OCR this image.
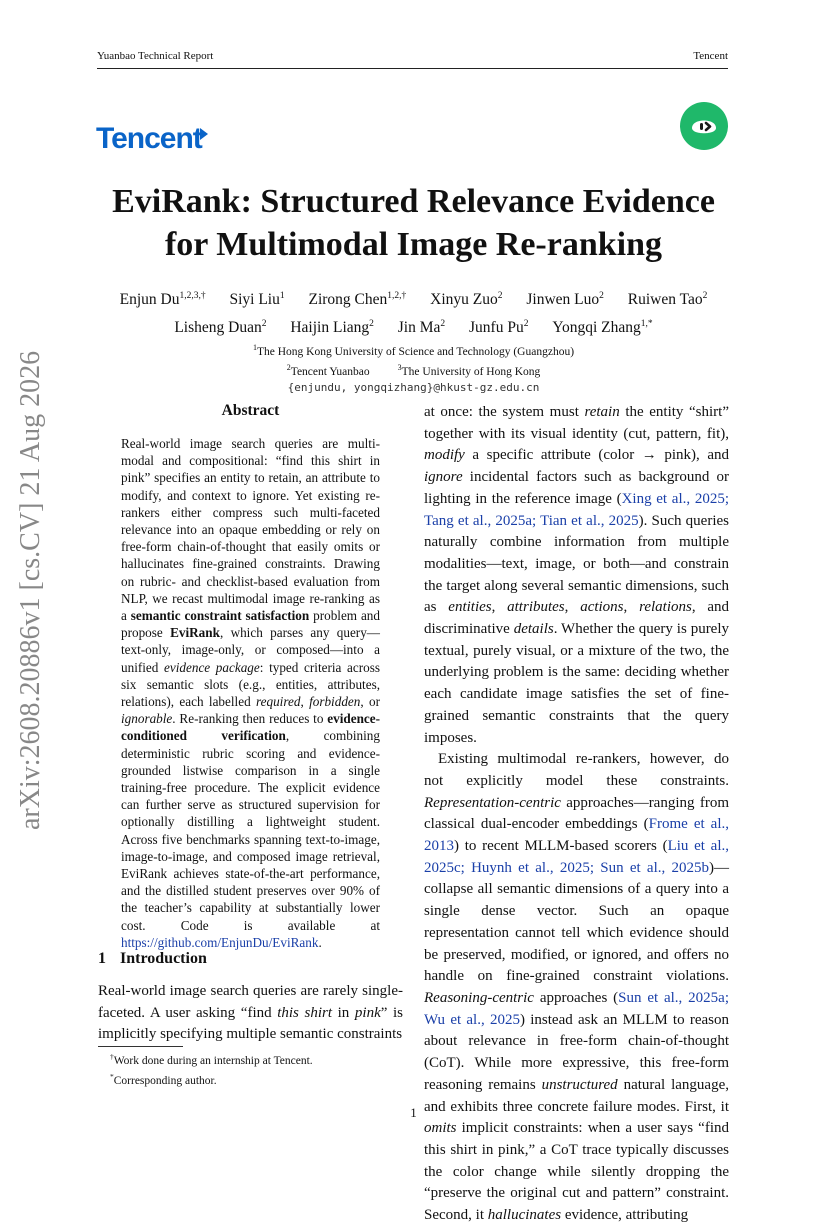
Yuanbao Technical Report	Tencent
Tencent
EviRank: Structured Relevance Evidence
for Multimodal Image Re-ranking
Enjun $Du^{1,2,3,\dagger}$ Siyi Liu$^1$ Zirong Chen$^{1,2,\dagger}$ Xinyu Zuo$^2$ Jinwen Luo$^2$ Ruiwen Tao$^2$
Lisheng Duan$^2$ Haijin Liang$^2$ Jin Ma$^2$ Junfu Pu$^2$ Yongqi Zhang$^{1,*}$
$^1$The Hong Kong University of Science and Technology (Guangzhou)
$^2$Tencent Yuanbao	$^3$The University of Hong Kong
{enjundu, yongqizhang}@hkust-gz.edu.cn
arXiv:2608.20886v1 [cs.CV] 21 Aug 2026	Abstract
Real-world image search queries are multi-modal and compositional: “find this shirt in pink” specifies an entity to retain, an attribute to modify, and context to ignore. Yet existing re-rankers either compress such multi-faceted relevance into an opaque embedding or rely on free-form chain-of-thought that easily omits or hallucinates fine-grained constraints. Drawing on rubric- and checklist-based evaluation from NLP, we recast multimodal image re-ranking as a semantic constraint satisfaction problem and propose EviRank, which parses any query—text-only, image-only, or composed—into a unified evidence package: typed criteria across six semantic slots (e.g., entities, attributes, relations), each labelled required, forbidden, or ignorable. Re-ranking then reduces to evidence-conditioned verification, combining deterministic rubric scoring and evidence-grounded listwise comparison in a single training-free procedure. The explicit evidence can further serve as structured supervision for optionally distilling a lightweight student. Across five benchmarks spanning text-to-image, image-to-image, and composed image retrieval, EviRank achieves state-of-the-art performance, and the distilled student preserves over 90% of the teacher’s capability at substantially lower cost. Code is available at https://github.com/EnjunDu/EviRank.
1 Introduction
Real-world image search queries are rarely single-faceted. A user asking “find this shirt in pink” is implicitly specifying multiple semantic constraints
†Work done during an internship at Tencent.
*Corresponding author.

at once: the system must retain the entity “shirt” together with its visual identity (cut, pattern, fit), modify a specific attribute (color → pink), and ignore incidental factors such as background or lighting in the reference image (Xing et al., 2025; Tang et al., 2025a; Tian et al., 2025). Such queries naturally combine information from multiple modalities—text, image, or both—and constrain the target along several semantic dimensions, such as entities, attributes, actions, relations, and discriminative details. Whether the query is purely textual, purely visual, or a mixture of the two, the underlying problem is the same: deciding whether each candidate image satisfies the set of fine-grained semantic constraints that the query imposes.

Existing multimodal re-rankers, however, do not explicitly model these constraints. Representation-centric approaches—ranging from classical dual-encoder embeddings (Frome et al., 2013) to recent MLLM-based scorers (Liu et al., 2025c; Huynh et al., 2025; Sun et al., 2025b)—collapse all semantic dimensions of a query into a single dense vector. Such an opaque representation cannot tell which evidence should be preserved, modified, or ignored, and offers no handle on fine-grained constraint violations. Reasoning-centric approaches (Sun et al., 2025a; Wu et al., 2025) instead ask an MLLM to reason about relevance in free-form chain-of-thought (CoT). While more expressive, this free-form reasoning remains unstructured natural language, and exhibits three concrete failure modes. First, it omits implicit constraints: when a user says “find this shirt in pink,” a CoT trace typically discusses the color change while silently dropping the “preserve the original cut and pattern” constraint. Second, it hallucinates evidence, attributing

1
